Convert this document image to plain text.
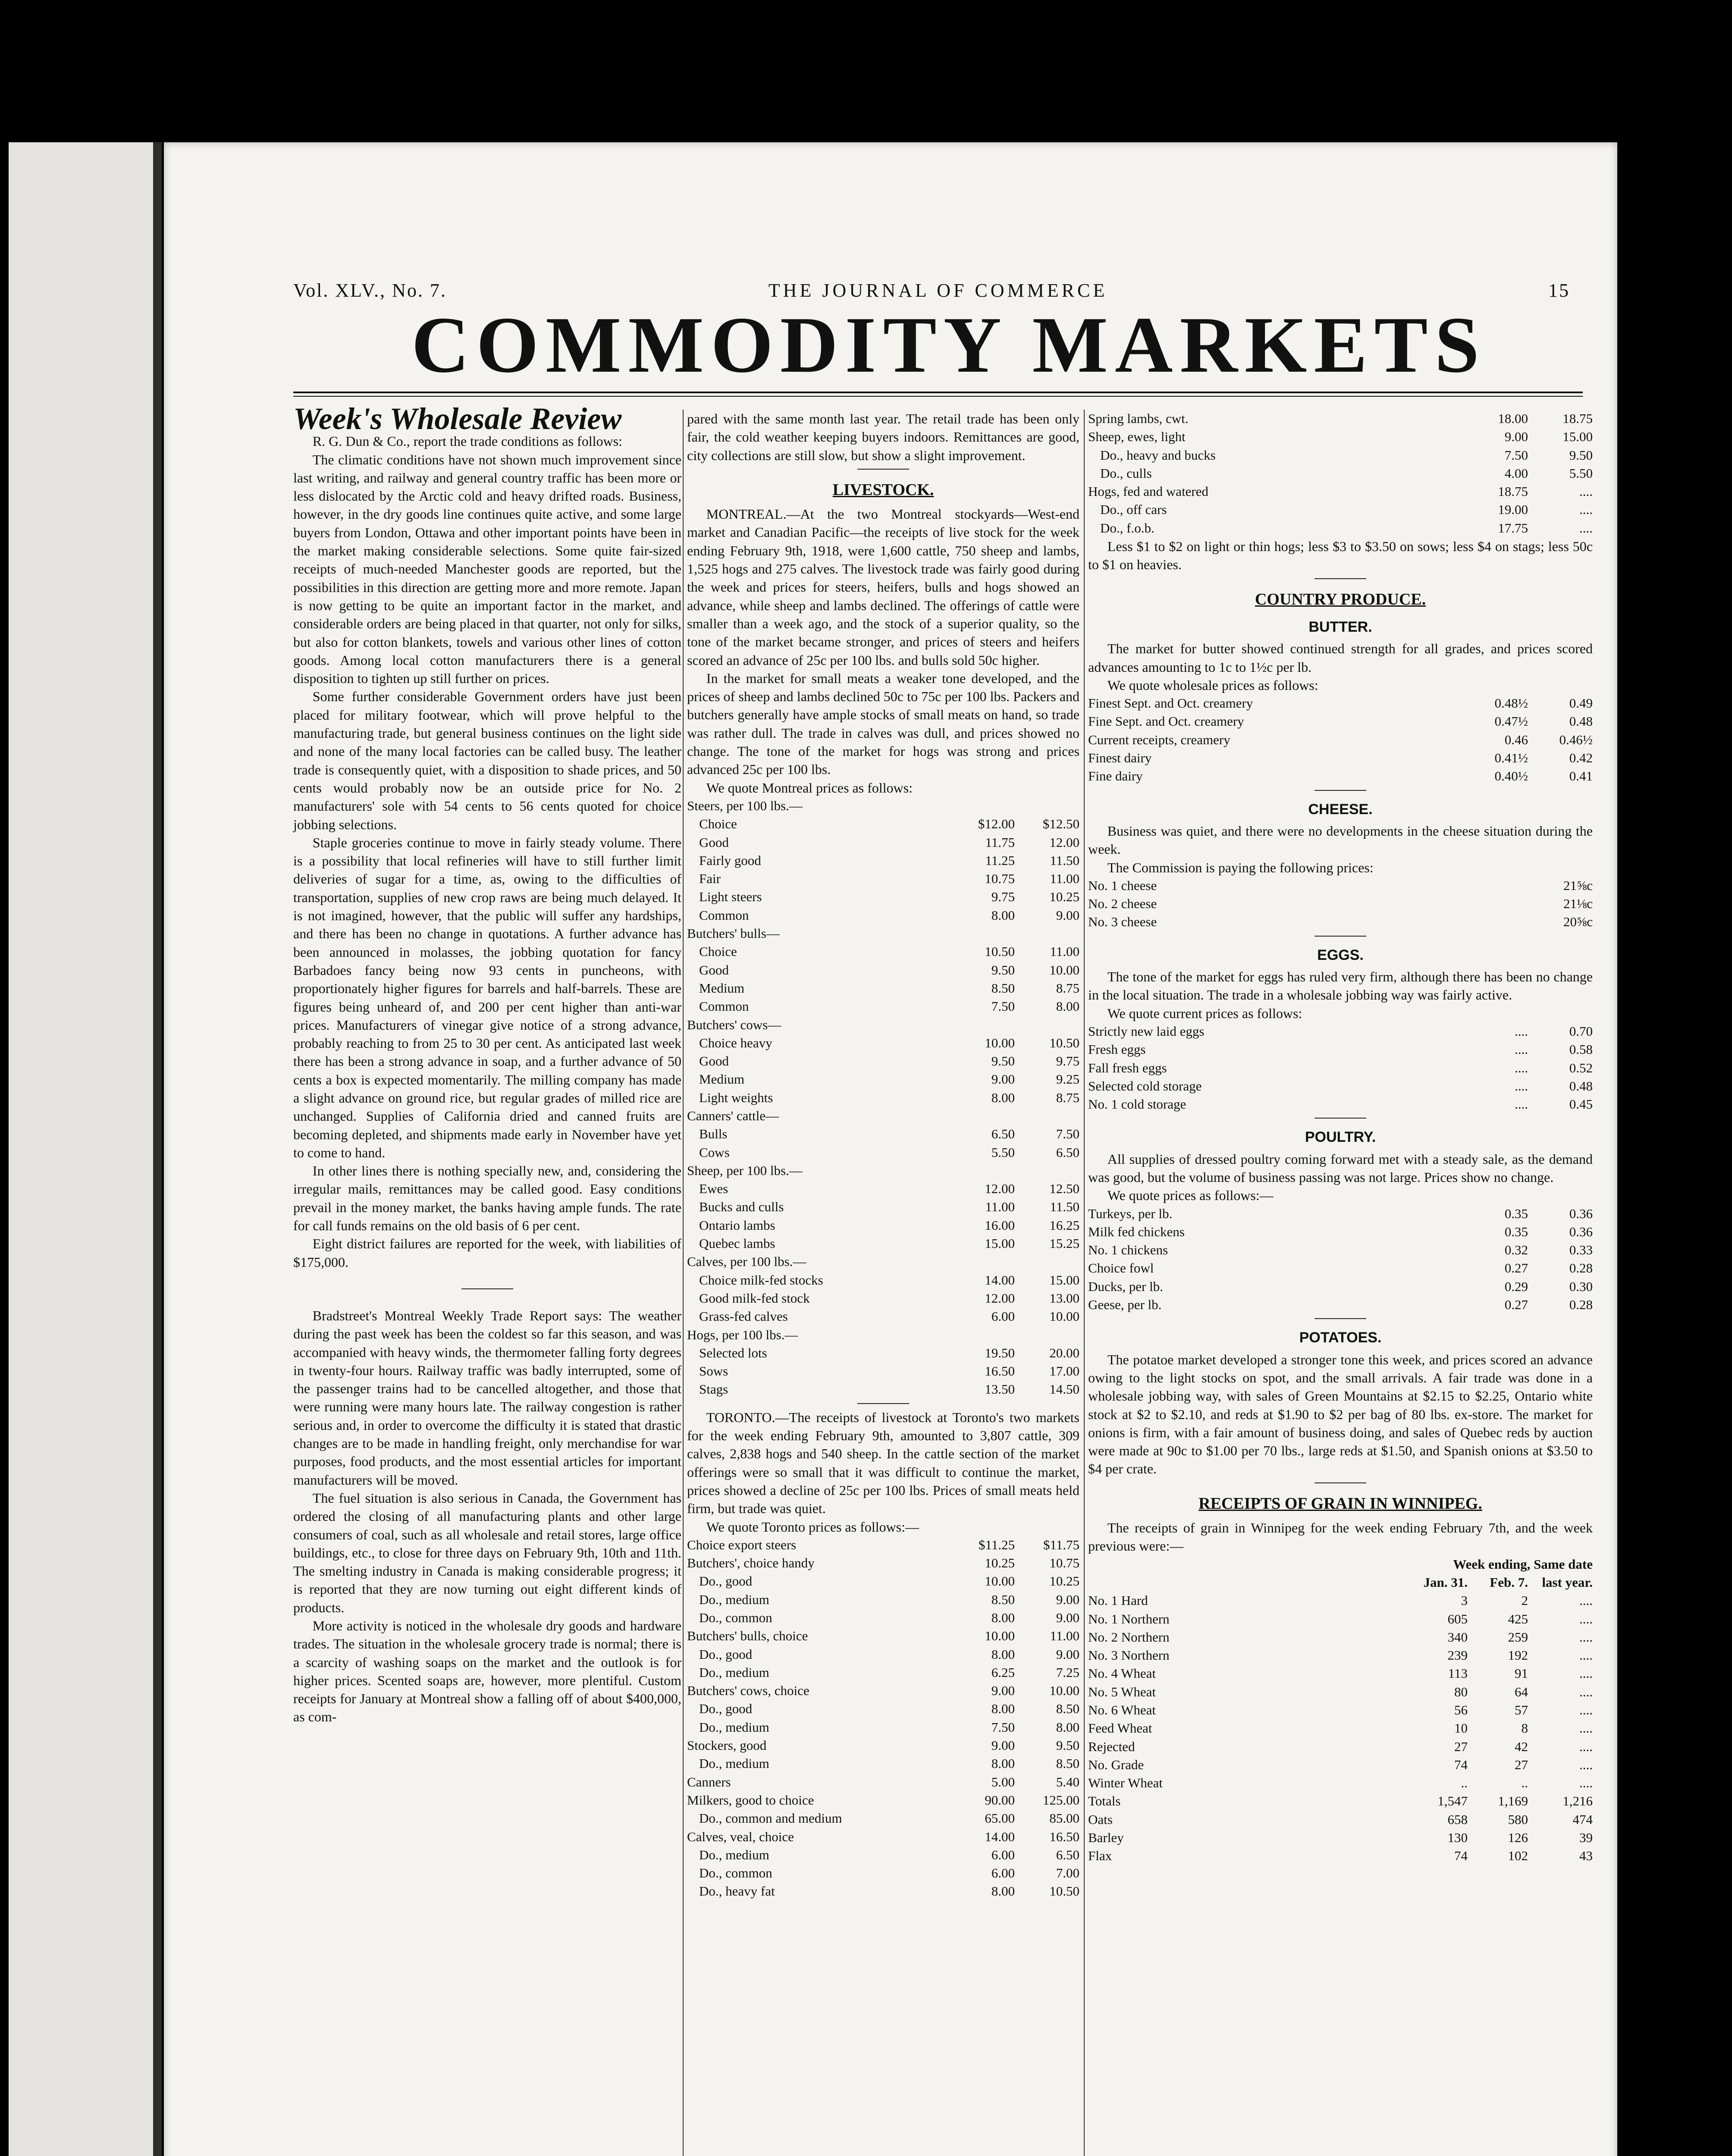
Vol. XLV., No. 7.	THE JOURNAL OF COMMERCE	15
COMMODITY MARKETS
Week's Wholesale Review

R. G. Dun & Co., report the trade conditions as follows:

The climatic conditions have not shown much improvement since last writing, and railway and general country traffic has been more or less dislocated by the Arctic cold and heavy drifted roads. Business, however, in the dry goods line continues quite active, and some large buyers from London, Ottawa and other important points have been in the market making considerable selections. Some quite fair-sized receipts of much-needed Manchester goods are reported, but the possibilities in this direction are getting more and more remote. Japan is now getting to be quite an important factor in the market, and considerable orders are being placed in that quarter, not only for silks, but also for cotton blankets, towels and various other lines of cotton goods. Among local cotton manufacturers there is a general disposition to tighten up still further on prices.

Some further considerable Government orders have just been placed for military footwear, which will prove helpful to the manufacturing trade, but general business continues on the light side and none of the many local factories can be called busy. The leather trade is consequently quiet, with a disposition to shade prices, and 50 cents would probably now be an outside price for No. 2 manufacturers' sole with 54 cents to 56 cents quoted for choice jobbing selections.

Staple groceries continue to move in fairly steady volume. There is a possibility that local refineries will have to still further limit deliveries of sugar for a time, as, owing to the difficulties of transportation, supplies of new crop raws are being much delayed. It is not imagined, however, that the public will suffer any hardships, and there has been no change in quotations. A further advance has been announced in molasses, the jobbing quotation for fancy Barbadoes fancy being now 93 cents in puncheons, with proportionately higher figures for barrels and half-barrels. These are figures being unheard of, and 200 per cent higher than anti-war prices. Manufacturers of vinegar give notice of a strong advance, probably reaching to from 25 to 30 per cent. As anticipated last week there has been a strong advance in soap, and a further advance of 50 cents a box is expected momentarily. The milling company has made a slight advance on ground rice, but regular grades of milled rice are unchanged. Supplies of California dried and canned fruits are becoming depleted, and shipments made early in November have yet to come to hand.

In other lines there is nothing specially new, and, considering the irregular mails, remittances may be called good. Easy conditions prevail in the money market, the banks having ample funds. The rate for call funds remains on the old basis of 6 per cent.

Eight district failures are reported for the week, with liabilities of $175,000.

Bradstreet's Montreal Weekly Trade Report says: The weather during the past week has been the coldest so far this season, and was accompanied with heavy winds, the thermometer falling forty degrees in twenty-four hours. Railway traffic was badly interrupted, some of the passenger trains had to be cancelled altogether, and those that were running were many hours late. The railway congestion is rather serious and, in order to overcome the difficulty it is stated that drastic changes are to be made in handling freight, only merchandise for war purposes, food products, and the most essential articles for important manufacturers will be moved.

The fuel situation is also serious in Canada, the Government has ordered the closing of all manufacturing plants and other large consumers of coal, such as all wholesale and retail stores, large office buildings, etc., to close for three days on February 9th, 10th and 11th. The smelting industry in Canada is making considerable progress; it is reported that they are now turning out eight different kinds of products.

More activity is noticed in the wholesale dry goods and hardware trades. The situation in the wholesale grocery trade is normal; there is a scarcity of washing soaps on the market and the outlook is for higher prices. Scented soaps are, however, more plentiful. Custom receipts for January at Montreal show a falling off of about $400,000, as com-

pared with the same month last year. The retail trade has been only fair, the cold weather keeping buyers indoors. Remittances are good, city collections are still slow, but show a slight improvement.

LIVESTOCK.

MONTREAL.—At the two Montreal stockyards—West-end market and Canadian Pacific—the receipts of live stock for the week ending February 9th, 1918, were 1,600 cattle, 750 sheep and lambs, 1,525 hogs and 275 calves. The livestock trade was fairly good during the week and prices for steers, heifers, bulls and hogs showed an advance, while sheep and lambs declined. The offerings of cattle were smaller than a week ago, and the stock of a superior quality, so the tone of the market became stronger, and prices of steers and heifers scored an advance of 25c per 100 lbs. and bulls sold 50c higher.

In the market for small meats a weaker tone developed, and the prices of sheep and lambs declined 50c to 75c per 100 lbs. Packers and butchers generally have ample stocks of small meats on hand, so trade was rather dull. The trade in calves was dull, and prices showed no change. The tone of the market for hogs was strong and prices advanced 25c per 100 lbs.

We quote Montreal prices as follows:

Steers, per 100 lbs.—		
Choice	$12.00	$12.50
Good	11.75	12.00
Fairly good	11.25	11.50
Fair	10.75	11.00
Light steers	9.75	10.25
Common	8.00	9.00
Butchers' bulls—		
Choice	10.50	11.00
Good	9.50	10.00
Medium	8.50	8.75
Common	7.50	8.00
Butchers' cows—		
Choice heavy	10.00	10.50
Good	9.50	9.75
Medium	9.00	9.25
Light weights	8.00	8.75
Canners' cattle—		
Bulls	6.50	7.50
Cows	5.50	6.50
Sheep, per 100 lbs.—		
Ewes	12.00	12.50
Bucks and culls	11.00	11.50
Ontario lambs	16.00	16.25
Quebec lambs	15.00	15.25
Calves, per 100 lbs.—		
Choice milk-fed stocks	14.00	15.00
Good milk-fed stock	12.00	13.00
Grass-fed calves	6.00	10.00
Hogs, per 100 lbs.—		
Selected lots	19.50	20.00
Sows	16.50	17.00
Stags	13.50	14.50

TORONTO.—The receipts of livestock at Toronto's two markets for the week ending February 9th, amounted to 3,807 cattle, 309 calves, 2,838 hogs and 540 sheep. In the cattle section of the market offerings were so small that it was difficult to continue the market, prices showed a decline of 25c per 100 lbs. Prices of small meats held firm, but trade was quiet.

We quote Toronto prices as follows:—

Choice export steers	$11.25	$11.75
Butchers', choice handy	10.25	10.75
Do., good	10.00	10.25
Do., medium	8.50	9.00
Do., common	8.00	9.00
Butchers' bulls, choice	10.00	11.00
Do., good	8.00	9.00
Do., medium	6.25	7.25
Butchers' cows, choice	9.00	10.00
Do., good	8.00	8.50
Do., medium	7.50	8.00
Stockers, good	9.00	9.50
Do., medium	8.00	8.50
Canners	5.00	5.40
Milkers, good to choice	90.00	125.00
Do., common and medium	65.00	85.00
Calves, veal, choice	14.00	16.50
Do., medium	6.00	6.50
Do., common	6.00	7.00
Do., heavy fat	8.00	10.50
Spring lambs, cwt.	18.00	18.75
Sheep, ewes, light	9.00	15.00
Do., heavy and bucks	7.50	9.50
Do., culls	4.00	5.50
Hogs, fed and watered	18.75	....
Do., off cars	19.00	....
Do., f.o.b.	17.75	....

Less $1 to $2 on light or thin hogs; less $3 to $3.50 on sows; less $4 on stags; less 50c to $1 on heavies.

COUNTRY PRODUCE.
BUTTER.

The market for butter showed continued strength for all grades, and prices scored advances amounting to 1c to 1½c per lb.

We quote wholesale prices as follows:

Finest Sept. and Oct. creamery	0.48½	0.49
Fine Sept. and Oct. creamery	0.47½	0.48
Current receipts, creamery	0.46	0.46½
Finest dairy	0.41½	0.42
Fine dairy	0.40½	0.41
CHEESE.

Business was quiet, and there were no developments in the cheese situation during the week.

The Commission is paying the following prices:

No. 1 cheese	21⅝c
No. 2 cheese	21⅛c
No. 3 cheese	20⅝c
EGGS.

The tone of the market for eggs has ruled very firm, although there has been no change in the local situation. The trade in a wholesale jobbing way was fairly active.

We quote current prices as follows:

Strictly new laid eggs	....	0.70
Fresh eggs	....	0.58
Fall fresh eggs	....	0.52
Selected cold storage	....	0.48
No. 1 cold storage	....	0.45
POULTRY.

All supplies of dressed poultry coming forward met with a steady sale, as the demand was good, but the volume of business passing was not large. Prices show no change.

We quote prices as follows:—

Turkeys, per lb.	0.35	0.36
Milk fed chickens	0.35	0.36
No. 1 chickens	0.32	0.33
Choice fowl	0.27	0.28
Ducks, per lb.	0.29	0.30
Geese, per lb.	0.27	0.28
POTATOES.

The potatoe market developed a stronger tone this week, and prices scored an advance owing to the light stocks on spot, and the small arrivals. A fair trade was done in a wholesale jobbing way, with sales of Green Mountains at $2.15 to $2.25, Ontario white stock at $2 to $2.10, and reds at $1.90 to $2 per bag of 80 lbs. ex-store. The market for onions is firm, with a fair amount of business doing, and sales of Quebec reds by auction were made at 90c to $1.00 per 70 lbs., large reds at $1.50, and Spanish onions at $3.50 to $4 per crate.

RECEIPTS OF GRAIN IN WINNIPEG.

The receipts of grain in Winnipeg for the week ending February 7th, and the week previous were:—

	Week ending, Same date		
	Jan. 31.	Feb. 7.	last year.
No. 1 Hard	3	2	....
No. 1 Northern	605	425	....
No. 2 Northern	340	259	....
No. 3 Northern	239	192	....
No. 4 Wheat	113	91	....
No. 5 Wheat	80	64	....
No. 6 Wheat	56	57	....
Feed Wheat	10	8	....
Rejected	27	42	....
No. Grade	74	27	....
Winter Wheat	..	..	....

Totals	1,547	1,169	1,216
Oats	658	580	474
Barley	130	126	39
Flax	74	102	43
